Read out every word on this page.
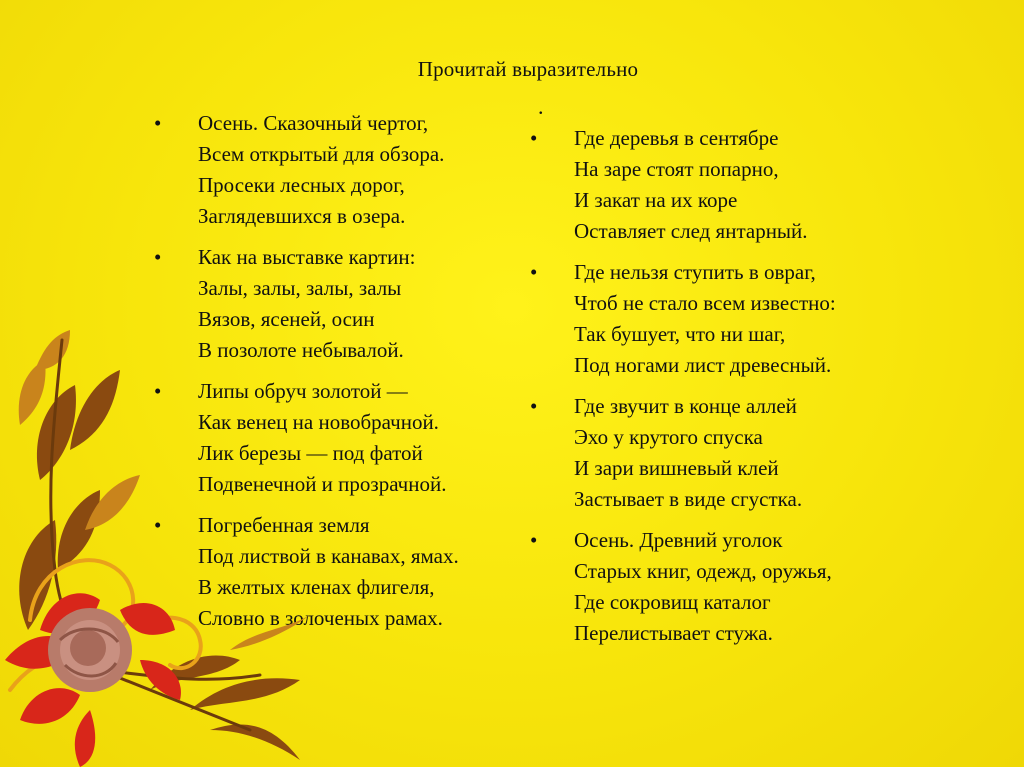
Прочитай выразительно
• Осень. Сказочный чертог,
Всем открытый для обзора.
Просеки лесных дорог,
Заглядевшихся в озера.
• Как на выставке картин:
Залы, залы, залы, залы
Вязов, ясеней, осин
В позолоте небывалой.
• Липы обруч золотой —
Как венец на новобрачной.
Лик березы — под фатой
Подвенечной и прозрачной.
• Погребенная земля
Под листвой в канавах, ямах.
В желтых кленах флигеля,
Словно в золоченых рамах.
.
• Где деревья в сентябре
На заре стоят попарно,
И закат на их коре
Оставляет след янтарный.
• Где нельзя ступить в овраг,
Чтоб не стало всем известно:
Так бушует, что ни шаг,
Под ногами лист древесный.
• Где звучит в конце аллей
Эхо у крутого спуска
И зари вишневый клей
Застывает в виде сгустка.
• Осень. Древний уголок
Старых книг, одежд, оружья,
Где сокровищ каталог
Перелистывает стужа.
